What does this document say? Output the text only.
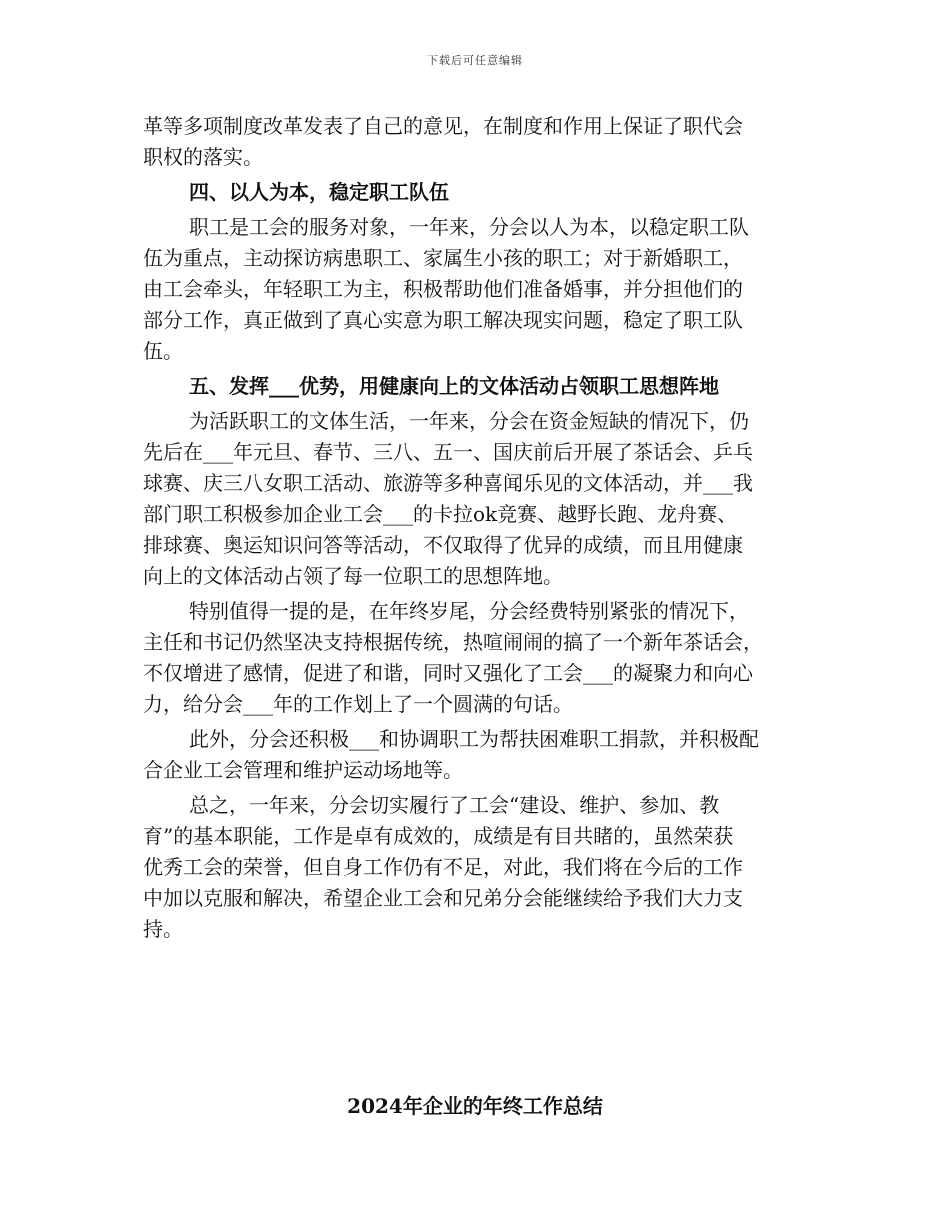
下载后可任意编辑

革等多项制度改革发表了自己的意见，在制度和作用上保证了职代会
职权的落实。

四、以人为本，稳定职工队伍

职工是工会的服务对象，一年来，分会以人为本，以稳定职工队
伍为重点，主动探访病患职工、家属生小孩的职工；对于新婚职工，
由工会牵头，年轻职工为主，积极帮助他们准备婚事，并分担他们的
部分工作，真正做到了真心实意为职工解决现实问题，稳定了职工队
伍。

五、发挥___优势，用健康向上的文体活动占领职工思想阵地

为活跃职工的文体生活，一年来，分会在资金短缺的情况下，仍
先后在___年元旦、春节、三八、五一、国庆前后开展了茶话会、乒乓
球赛、庆三八女职工活动、旅游等多种喜闻乐见的文体活动，并___我
部门职工积极参加企业工会___的卡拉ok竞赛、越野长跑、龙舟赛、
排球赛、奥运知识问答等活动，不仅取得了优异的成绩，而且用健康
向上的文体活动占领了每一位职工的思想阵地。

特别值得一提的是，在年终岁尾，分会经费特别紧张的情况下，
主任和书记仍然坚决支持根据传统，热喧闹闹的搞了一个新年茶话会，
不仅增进了感情，促进了和谐，同时又强化了工会___的凝聚力和向心
力，给分会___年的工作划上了一个圆满的句话。

此外，分会还积极___和协调职工为帮扶困难职工捐款，并积极配
合企业工会管理和维护运动场地等。

总之，一年来，分会切实履行了工会“建设、维护、参加、教
育”的基本职能，工作是卓有成效的，成绩是有目共睹的，虽然荣获
优秀工会的荣誉，但自身工作仍有不足，对此，我们将在今后的工作
中加以克服和解决，希望企业工会和兄弟分会能继续给予我们大力支
持。

2024年企业的年终工作总结
